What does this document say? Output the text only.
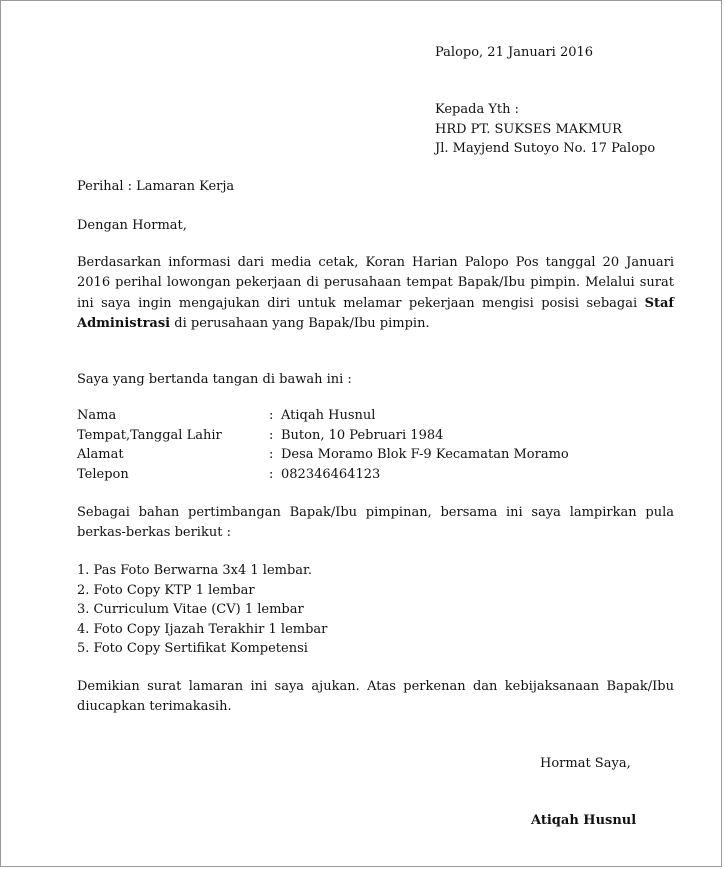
Palopo, 21 Januari 2016
Kepada Yth :
HRD PT. SUKSES MAKMUR
Jl. Mayjend Sutoyo No. 17 Palopo
Perihal : Lamaran Kerja
Dengan Hormat,
Berdasarkan informasi dari media cetak, Koran Harian Palopo Pos tanggal 20 Januari 2016 perihal lowongan pekerjaan di perusahaan tempat Bapak/Ibu pimpin. Melalui surat ini saya ingin mengajukan diri untuk melamar pekerjaan mengisi posisi sebagai Staf Administrasi di perusahaan yang Bapak/Ibu pimpin.
Saya yang bertanda tangan di bawah ini :
Nama	: Atiqah Husnul
Tempat,Tanggal Lahir	: Buton, 10 Pebruari 1984
Alamat	: Desa Moramo Blok F-9 Kecamatan Moramo
Telepon	: 082346464123
Sebagai bahan pertimbangan Bapak/Ibu pimpinan, bersama ini saya lampirkan pula berkas-berkas berikut :
1. Pas Foto Berwarna 3x4 1 lembar.
2. Foto Copy KTP 1 lembar
3. Curriculum Vitae (CV) 1 lembar
4. Foto Copy Ijazah Terakhir 1 lembar
5. Foto Copy Sertifikat Kompetensi
Demikian surat lamaran ini saya ajukan. Atas perkenan dan kebijaksanaan Bapak/Ibu diucapkan terimakasih.
Hormat Saya,
Atiqah Husnul
